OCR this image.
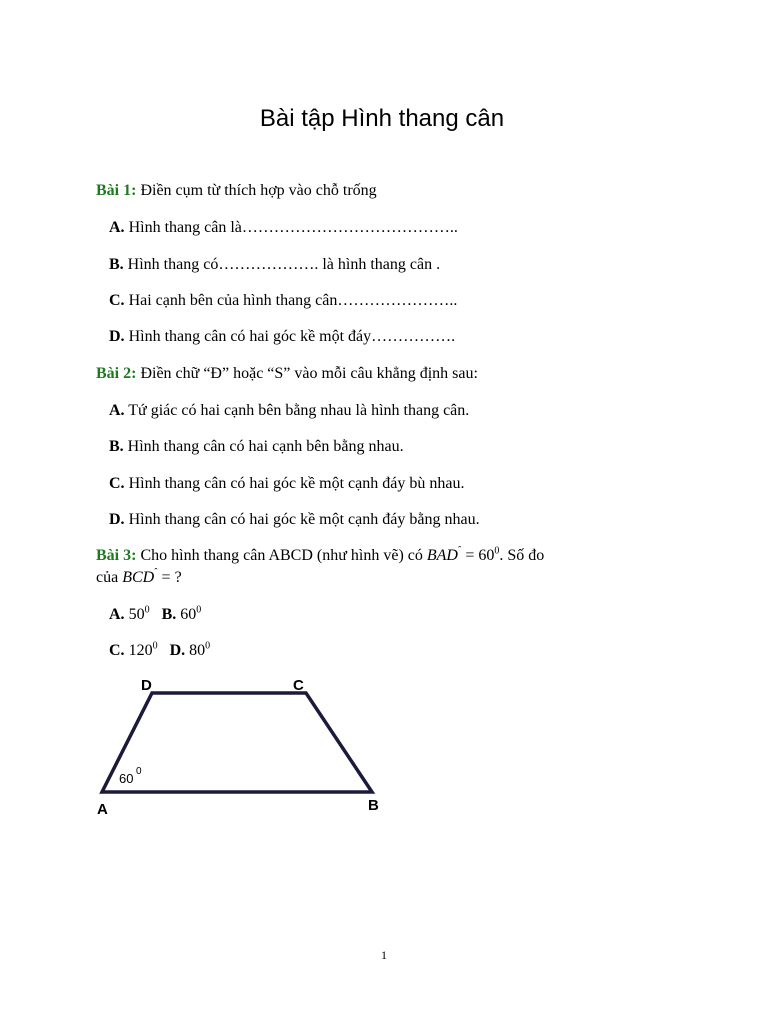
Bài tập Hình thang cân
Bài 1: Điền cụm từ thích hợp vào chỗ trống
A. Hình thang cân là…………………………………..
B. Hình thang có………………. là hình thang cân .
C. Hai cạnh bên của hình thang cân…………………..
D. Hình thang cân có hai góc kề một đáy…………….
Bài 2: Điền chữ “Đ” hoặc “S” vào mỗi câu khẳng định sau:
A. Tứ giác có hai cạnh bên bằng nhau là hình thang cân.
B. Hình thang cân có hai cạnh bên bằng nhau.
C. Hình thang cân có hai góc kề một cạnh đáy bù nhau.
D. Hình thang cân có hai góc kề một cạnh đáy bằng nhau.
Bài 3: Cho hình thang cân ABCD (như hình vẽ) có $BAD^ˆ = 60^0$. Số đo
của $BCD^ˆ$ = ?
A. $50^0$ B. $60^0$
C. $120^0$ D. $80^0$
D	C
A	B
60 0
1
